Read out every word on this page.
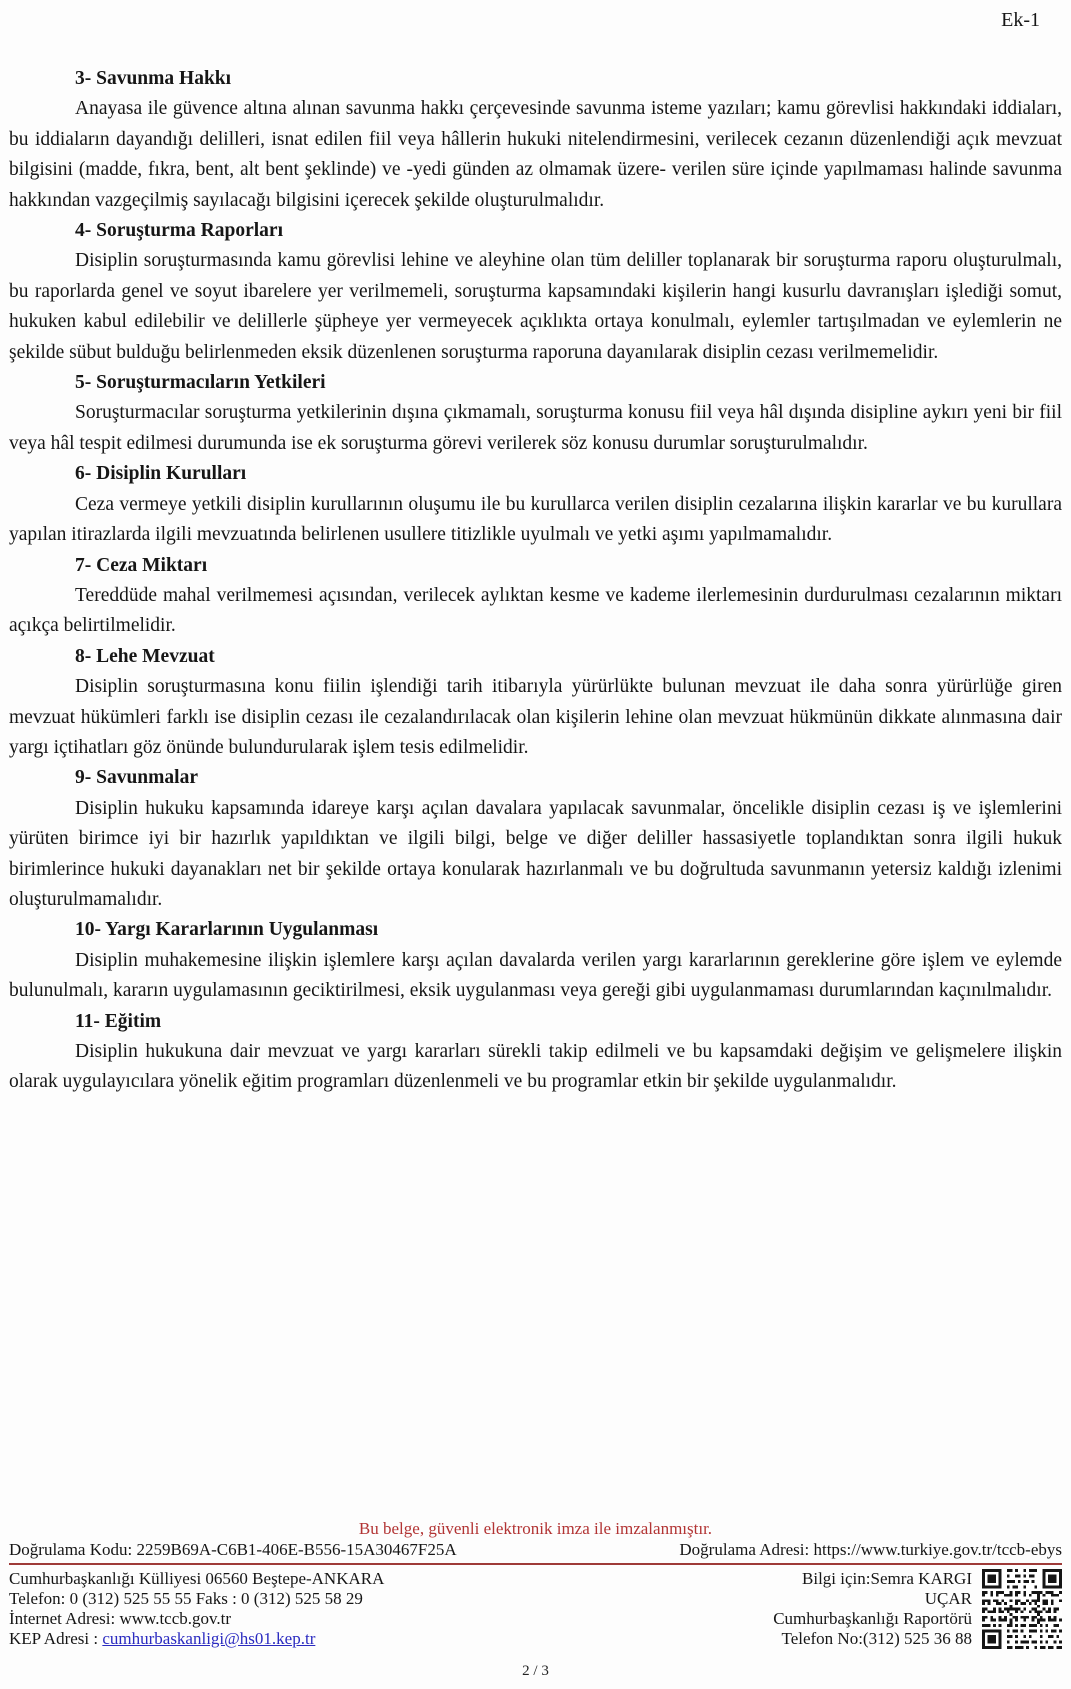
Ek-1
3- Savunma Hakkı

Anayasa ile güvence altına alınan savunma hakkı çerçevesinde savunma isteme yazıları; kamu görevlisi hakkındaki iddiaları, bu iddiaların dayandığı delilleri, isnat edilen fiil veya hâllerin hukuki nitelendirmesini, verilecek cezanın düzenlendiği açık mevzuat bilgisini (madde, fıkra, bent, alt bent şeklinde) ve -yedi günden az olmamak üzere- verilen süre içinde yapılmaması halinde savunma hakkından vazgeçilmiş sayılacağı bilgisini içerecek şekilde oluşturulmalıdır.

4- Soruşturma Raporları

Disiplin soruşturmasında kamu görevlisi lehine ve aleyhine olan tüm deliller toplanarak bir soruşturma raporu oluşturulmalı, bu raporlarda genel ve soyut ibarelere yer verilmemeli, soruşturma kapsamındaki kişilerin hangi kusurlu davranışları işlediği somut, hukuken kabul edilebilir ve delillerle şüpheye yer vermeyecek açıklıkta ortaya konulmalı, eylemler tartışılmadan ve eylemlerin ne şekilde sübut bulduğu belirlenmeden eksik düzenlenen soruşturma raporuna dayanılarak disiplin cezası verilmemelidir.

5- Soruşturmacıların Yetkileri

Soruşturmacılar soruşturma yetkilerinin dışına çıkmamalı, soruşturma konusu fiil veya hâl dışında disipline aykırı yeni bir fiil veya hâl tespit edilmesi durumunda ise ek soruşturma görevi verilerek söz konusu durumlar soruşturulmalıdır.

6- Disiplin Kurulları

Ceza vermeye yetkili disiplin kurullarının oluşumu ile bu kurullarca verilen disiplin cezalarına ilişkin kararlar ve bu kurullara yapılan itirazlarda ilgili mevzuatında belirlenen usullere titizlikle uyulmalı ve yetki aşımı yapılmamalıdır.

7- Ceza Miktarı

Tereddüde mahal verilmemesi açısından, verilecek aylıktan kesme ve kademe ilerlemesinin durdurulması cezalarının miktarı açıkça belirtilmelidir.

8- Lehe Mevzuat

Disiplin soruşturmasına konu fiilin işlendiği tarih itibarıyla yürürlükte bulunan mevzuat ile daha sonra yürürlüğe giren mevzuat hükümleri farklı ise disiplin cezası ile cezalandırılacak olan kişilerin lehine olan mevzuat hükmünün dikkate alınmasına dair yargı içtihatları göz önünde bulundurularak işlem tesis edilmelidir.

9- Savunmalar

Disiplin hukuku kapsamında idareye karşı açılan davalara yapılacak savunmalar, öncelikle disiplin cezası iş ve işlemlerini yürüten birimce iyi bir hazırlık yapıldıktan ve ilgili bilgi, belge ve diğer deliller hassasiyetle toplandıktan sonra ilgili hukuk birimlerince hukuki dayanakları net bir şekilde ortaya konularak hazırlanmalı ve bu doğrultuda savunmanın yetersiz kaldığı izlenimi oluşturulmamalıdır.

10- Yargı Kararlarının Uygulanması

Disiplin muhakemesine ilişkin işlemlere karşı açılan davalarda verilen yargı kararlarının gereklerine göre işlem ve eylemde bulunulmalı, kararın uygulamasının geciktirilmesi, eksik uygulanması veya gereği gibi uygulanmaması durumlarından kaçınılmalıdır.

11- Eğitim

Disiplin hukukuna dair mevzuat ve yargı kararları sürekli takip edilmeli ve bu kapsamdaki değişim ve gelişmelere ilişkin olarak uygulayıcılara yönelik eğitim programları düzenlenmeli ve bu programlar etkin bir şekilde uygulanmalıdır.

Bu belge, güvenli elektronik imza ile imzalanmıştır.
Doğrulama Kodu: 2259B69A-C6B1-406E-B556-15A30467F25A	Doğrulama Adresi: https://www.turkiye.gov.tr/tccb-ebys

Cumhurbaşkanlığı Külliyesi 06560 Beştepe-ANKARA

Telefon: 0 (312) 525 55 55 Faks : 0 (312) 525 58 29

İnternet Adresi: www.tccb.gov.tr

KEP Adresi : cumhurbaskanligi@hs01.kep.tr

Bilgi için:Semra KARGI

UÇAR

Cumhurbaşkanlığı Raportörü

Telefon No:(312) 525 36 88

2 / 3
